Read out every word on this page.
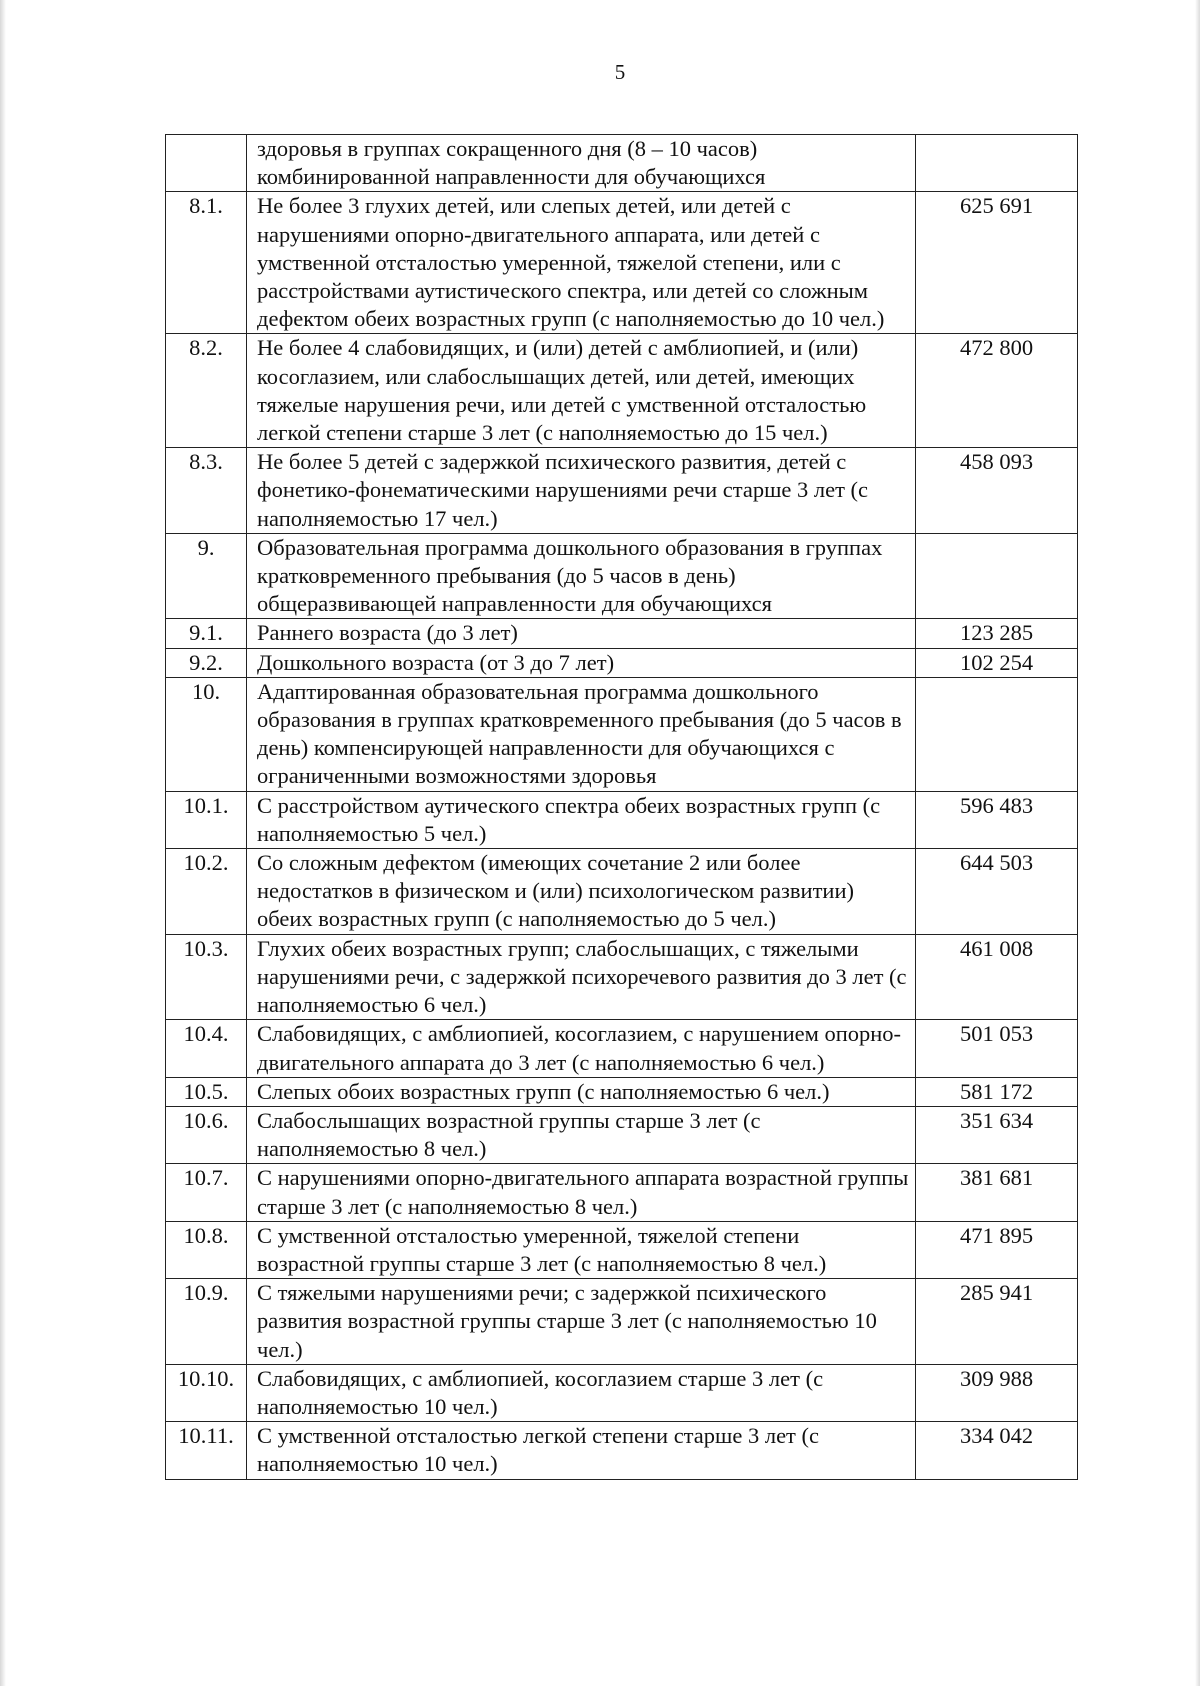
5
	здоровья в группах сокращенного дня (8 – 10 часов) комбинированной направленности для обучающихся	
8.1.	Не более 3 глухих детей, или слепых детей, или детей с нарушениями опорно-двигательного аппарата, или детей с умственной отсталостью умеренной, тяжелой степени, или с расстройствами аутистического спектра, или детей со сложным дефектом обеих возрастных групп (с наполняемостью до 10 чел.)	625 691
8.2.	Не более 4 слабовидящих, и (или) детей с амблиопией, и (или) косоглазием, или слабослышащих детей, или детей, имеющих тяжелые нарушения речи, или детей с умственной отсталостью легкой степени старше 3 лет (с наполняемостью до 15 чел.)	472 800
8.3.	Не более 5 детей с задержкой психического развития, детей с фонетико-фонематическими нарушениями речи старше 3 лет (с наполняемостью 17 чел.)	458 093
9.	Образовательная программа дошкольного образования в группах кратковременного пребывания (до 5 часов в день) общеразвивающей направленности для обучающихся	
9.1.	Раннего возраста (до 3 лет)	123 285
9.2.	Дошкольного возраста (от 3 до 7 лет)	102 254
10.	Адаптированная образовательная программа дошкольного образования в группах кратковременного пребывания (до 5 часов в день) компенсирующей направленности для обучающихся с ограниченными возможностями здоровья	
10.1.	С расстройством аутического спектра обеих возрастных групп (с наполняемостью 5 чел.)	596 483
10.2.	Со сложным дефектом (имеющих сочетание 2 или более недостатков в физическом и (или) психологическом развитии) обеих возрастных групп (с наполняемостью до 5 чел.)	644 503
10.3.	Глухих обеих возрастных групп; слабослышащих, с тяжелыми нарушениями речи, с задержкой психоречевого развития до 3 лет (с наполняемостью 6 чел.)	461 008
10.4.	Слабовидящих, с амблиопией, косоглазием, с нарушением опорно-двигательного аппарата до 3 лет (с наполняемостью 6 чел.)	501 053
10.5.	Слепых обоих возрастных групп (с наполняемостью 6 чел.)	581 172
10.6.	Слабослышащих возрастной группы старше 3 лет (с наполняемостью 8 чел.)	351 634
10.7.	С нарушениями опорно-двигательного аппарата возрастной группы старше 3 лет (с наполняемостью 8 чел.)	381 681
10.8.	С умственной отсталостью умеренной, тяжелой степени возрастной группы старше 3 лет (с наполняемостью 8 чел.)	471 895
10.9.	С тяжелыми нарушениями речи; с задержкой психического развития возрастной группы старше 3 лет (с наполняемостью 10 чел.)	285 941
10.10.	Слабовидящих, с амблиопией, косоглазием старше 3 лет (с наполняемостью 10 чел.)	309 988
10.11.	С умственной отсталостью легкой степени старше 3 лет (с наполняемостью 10 чел.)	334 042
